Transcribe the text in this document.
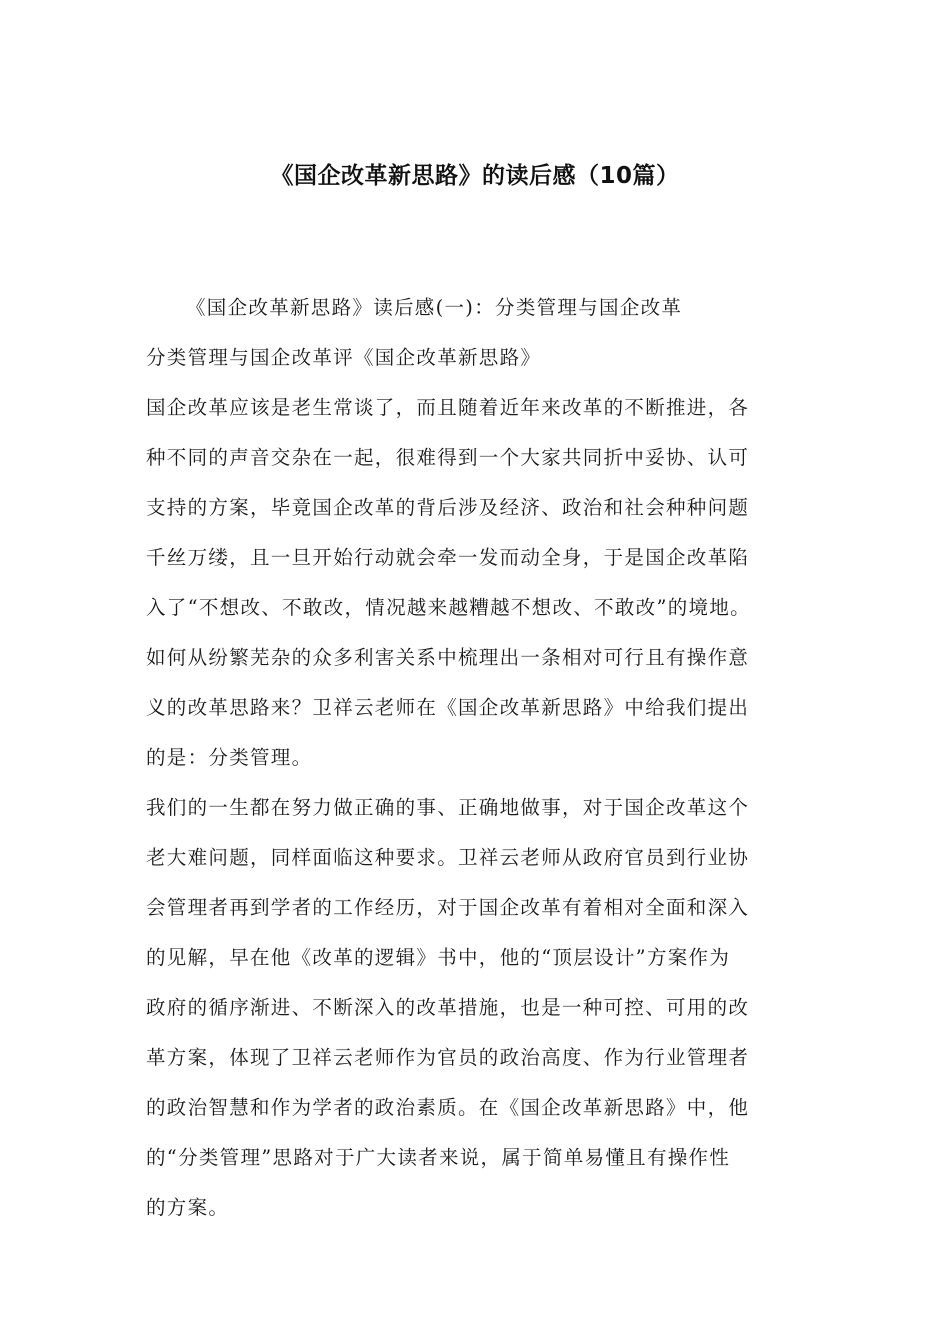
《国企改革新思路》的读后感（10篇）
《国企改革新思路》读后感(一)：分类管理与国企改革
分类管理与国企改革评《国企改革新思路》
国企改革应该是老生常谈了，而且随着近年来改革的不断推进，各
种不同的声音交杂在一起，很难得到一个大家共同折中妥协、认可
支持的方案，毕竟国企改革的背后涉及经济、政治和社会种种问题
千丝万缕，且一旦开始行动就会牵一发而动全身，于是国企改革陷
入了“不想改、不敢改，情况越来越糟越不想改、不敢改”的境地。
如何从纷繁芜杂的众多利害关系中梳理出一条相对可行且有操作意
义的改革思路来？卫祥云老师在《国企改革新思路》中给我们提出
的是：分类管理。
我们的一生都在努力做正确的事、正确地做事，对于国企改革这个
老大难问题，同样面临这种要求。卫祥云老师从政府官员到行业协
会管理者再到学者的工作经历，对于国企改革有着相对全面和深入
的见解，早在他《改革的逻辑》书中，他的“顶层设计”方案作为
政府的循序渐进、不断深入的改革措施，也是一种可控、可用的改
革方案，体现了卫祥云老师作为官员的政治高度、作为行业管理者
的政治智慧和作为学者的政治素质。在《国企改革新思路》中，他
的“分类管理”思路对于广大读者来说，属于简单易懂且有操作性
的方案。
